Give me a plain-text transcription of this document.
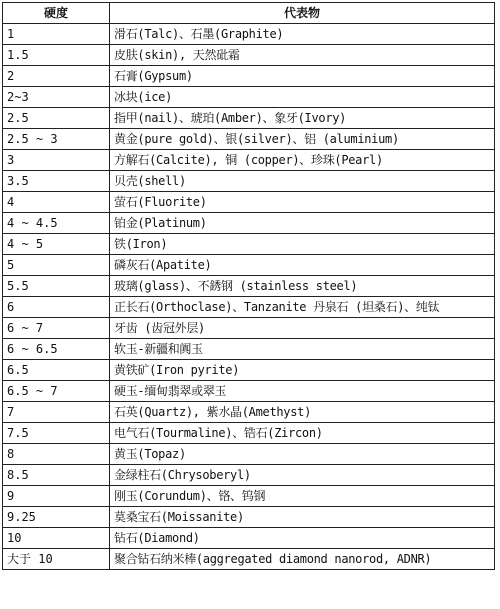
硬度	代表物
1	滑石(Talc)、石墨(Graphite)
1.5	皮肤(skin), 天然砒霜
2	石膏(Gypsum)
2~3	冰块(ice)
2.5	指甲(nail)、琥珀(Amber)、象牙(Ivory)
2.5 ~ 3	黄金(pure gold)、银(silver)、铝 (aluminium)
3	方解石(Calcite), 铜 (copper)、珍珠(Pearl)
3.5	贝壳(shell)
4	萤石(Fluorite)
4 ~ 4.5	铂金(Platinum)
4 ~ 5	铁(Iron)
5	磷灰石(Apatite)
5.5	玻璃(glass)、不銹钢 (stainless steel)
6	正长石(Orthoclase)、Tanzanite 丹泉石 (坦桑石)、纯钛
6 ~ 7	牙齿 (齿冠外层)
6 ~ 6.5	软玉-新疆和阗玉
6.5	黄铁矿(Iron pyrite)
6.5 ~ 7	硬玉-缅甸翡翠或翠玉
7	石英(Quartz), 紫水晶(Amethyst)
7.5	电气石(Tourmaline)、锆石(Zircon)
8	黄玉(Topaz)
8.5	金绿柱石(Chrysoberyl)
9	刚玉(Corundum)、铬、钨钢
9.25	莫桑宝石(Moissanite)
10	钻石(Diamond)
大于 10	聚合钻石纳米棒(aggregated diamond nanorod, ADNR)
